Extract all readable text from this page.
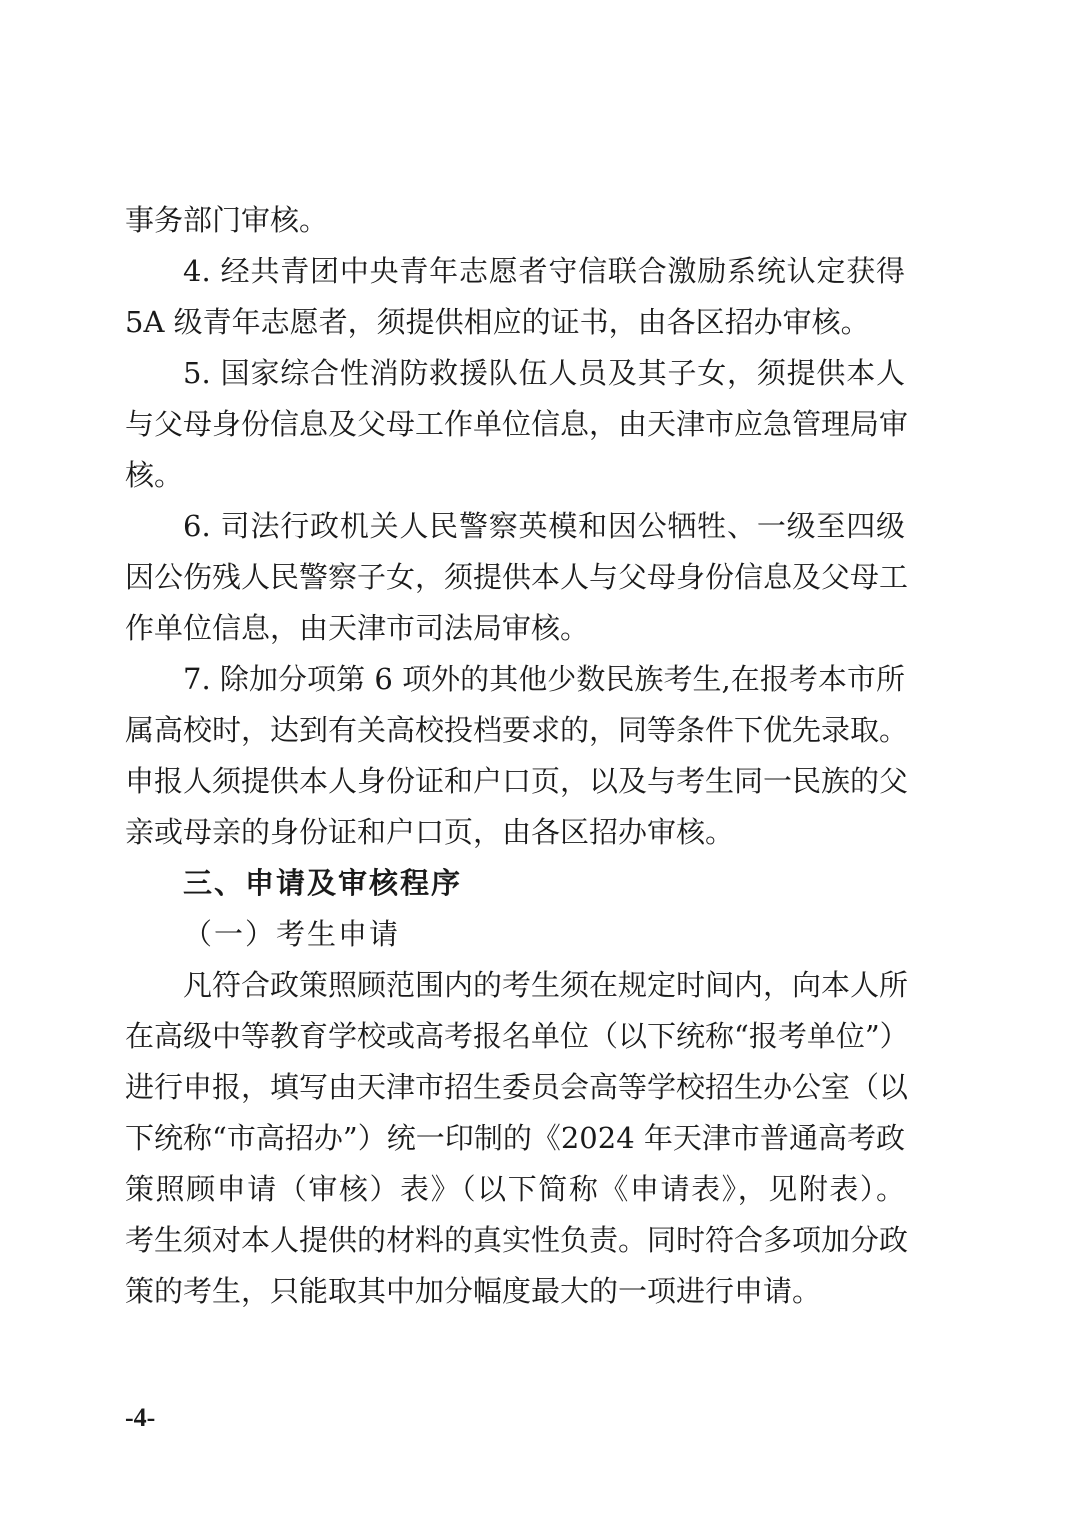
事务部门审核。
4. 经共青团中央青年志愿者守信联合激励系统认定获得
5A 级青年志愿者，须提供相应的证书，由各区招办审核。
5. 国家综合性消防救援队伍人员及其子女，须提供本人
与父母身份信息及父母工作单位信息，由天津市应急管理局审
核。
6. 司法行政机关人民警察英模和因公牺牲、一级至四级
因公伤残人民警察子女，须提供本人与父母身份信息及父母工
作单位信息，由天津市司法局审核。
7. 除加分项第 6 项外的其他少数民族考生,在报考本市所
属高校时，达到有关高校投档要求的，同等条件下优先录取。
申报人须提供本人身份证和户口页，以及与考生同一民族的父
亲或母亲的身份证和户口页，由各区招办审核。
三、申请及审核程序
（一）考生申请
凡符合政策照顾范围内的考生须在规定时间内，向本人所
在高级中等教育学校或高考报名单位（以下统称“报考单位”）
进行申报，填写由天津市招生委员会高等学校招生办公室（以
下统称“市高招办”）统一印制的《2024 年天津市普通高考政
策照顾申请（审核）表》（以下简称《申请表》，见附表）。
考生须对本人提供的材料的真实性负责。同时符合多项加分政
策的考生，只能取其中加分幅度最大的一项进行申请。
-4-
